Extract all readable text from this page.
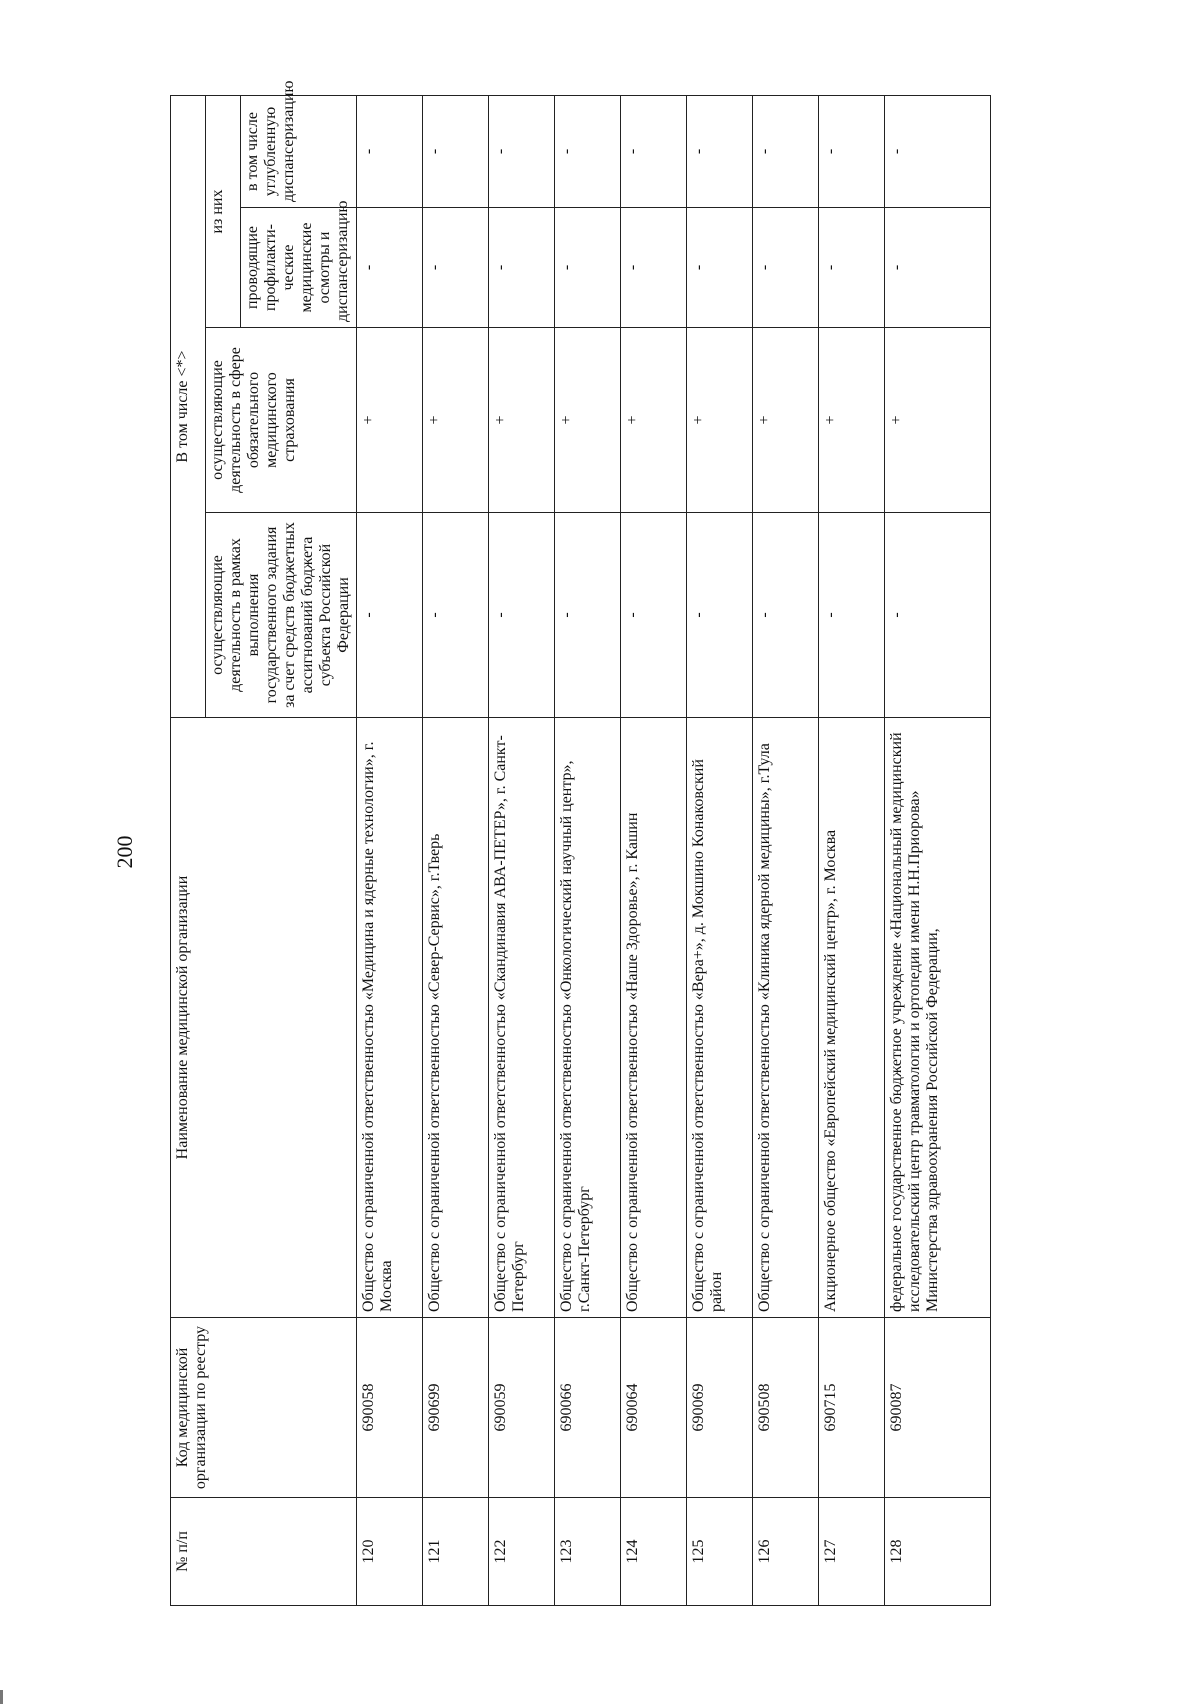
200
№ п/п	Код медицинской организации по реестру	Наименование медицинской организации	В том числе <*>			
			осуществляющие деятельность в рамках выполнения государственного задания за счет средств бюджетных ассигнований бюджета субъекта Российской Федерации	осуществляющие деятельность в сфере обязательного медицинского страхования	из них	
					проводящие профилакти-ческие медицинские осмотры и диспансеризацию	в том числе углубленную диспансеризацию
120	690058	Общество с ограниченной ответственностью «Медицина и ядерные технологии», г. Москва	-	+	-	-
121	690699	Общество с ограниченной ответственностью «Север-Сервис», г.Тверь	-	+	-	-
122	690059	Общество с ограниченной ответственностью «Скандинавия АВА-ПЕТЕР», г. Санкт-Петербург	-	+	-	-
123	690066	Общество с ограниченной ответственностью «Онкологический научный центр», г.Санкт-Петербург	-	+	-	-
124	690064	Общество с ограниченной ответственностью «Наше Здоровье», г. Кашин	-	+	-	-
125	690069	Общество с ограниченной ответственностью «Вера+», д. Мокшино Конаковский район	-	+	-	-
126	690508	Общество с ограниченной ответственностью «Клиника ядерной медицины», г.Тула	-	+	-	-
127	690715	Акционерное общество «Европейский медицинский центр», г. Москва	-	+	-	-
128	690087	федеральное государственное бюджетное учреждение «Национальный медицинский исследовательский центр травматологии и ортопедии имени Н.Н.Приорова» Министерства здравоохранения Российской Федерации,	-	+	-	-
